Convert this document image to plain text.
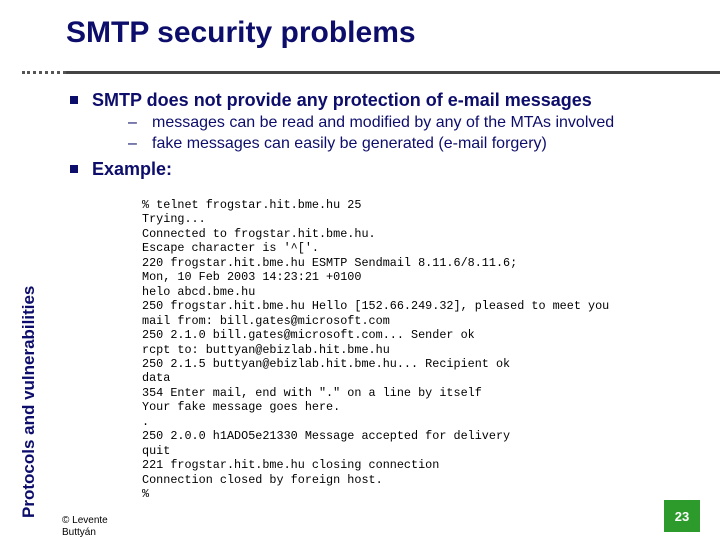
SMTP security problems
Protocols and vulnerabilities
SMTP does not provide any protection of e-mail messages
– messages can be read and modified by any of the MTAs involved
– fake messages can easily be generated (e-mail forgery)
Example:
% telnet frogstar.hit.bme.hu 25
Trying...
Connected to frogstar.hit.bme.hu.
Escape character is '^['.
220 frogstar.hit.bme.hu ESMTP Sendmail 8.11.6/8.11.6;
Mon, 10 Feb 2003 14:23:21 +0100
helo abcd.bme.hu
250 frogstar.hit.bme.hu Hello [152.66.249.32], pleased to meet you
mail from: bill.gates@microsoft.com
250 2.1.0 bill.gates@microsoft.com... Sender ok
rcpt to: buttyan@ebizlab.hit.bme.hu
250 2.1.5 buttyan@ebizlab.hit.bme.hu... Recipient ok
data
354 Enter mail, end with "." on a line by itself
Your fake message goes here.
.
250 2.0.0 h1ADO5e21330 Message accepted for delivery
quit
221 frogstar.hit.bme.hu closing connection
Connection closed by foreign host.
%
© Levente Buttyán
23
